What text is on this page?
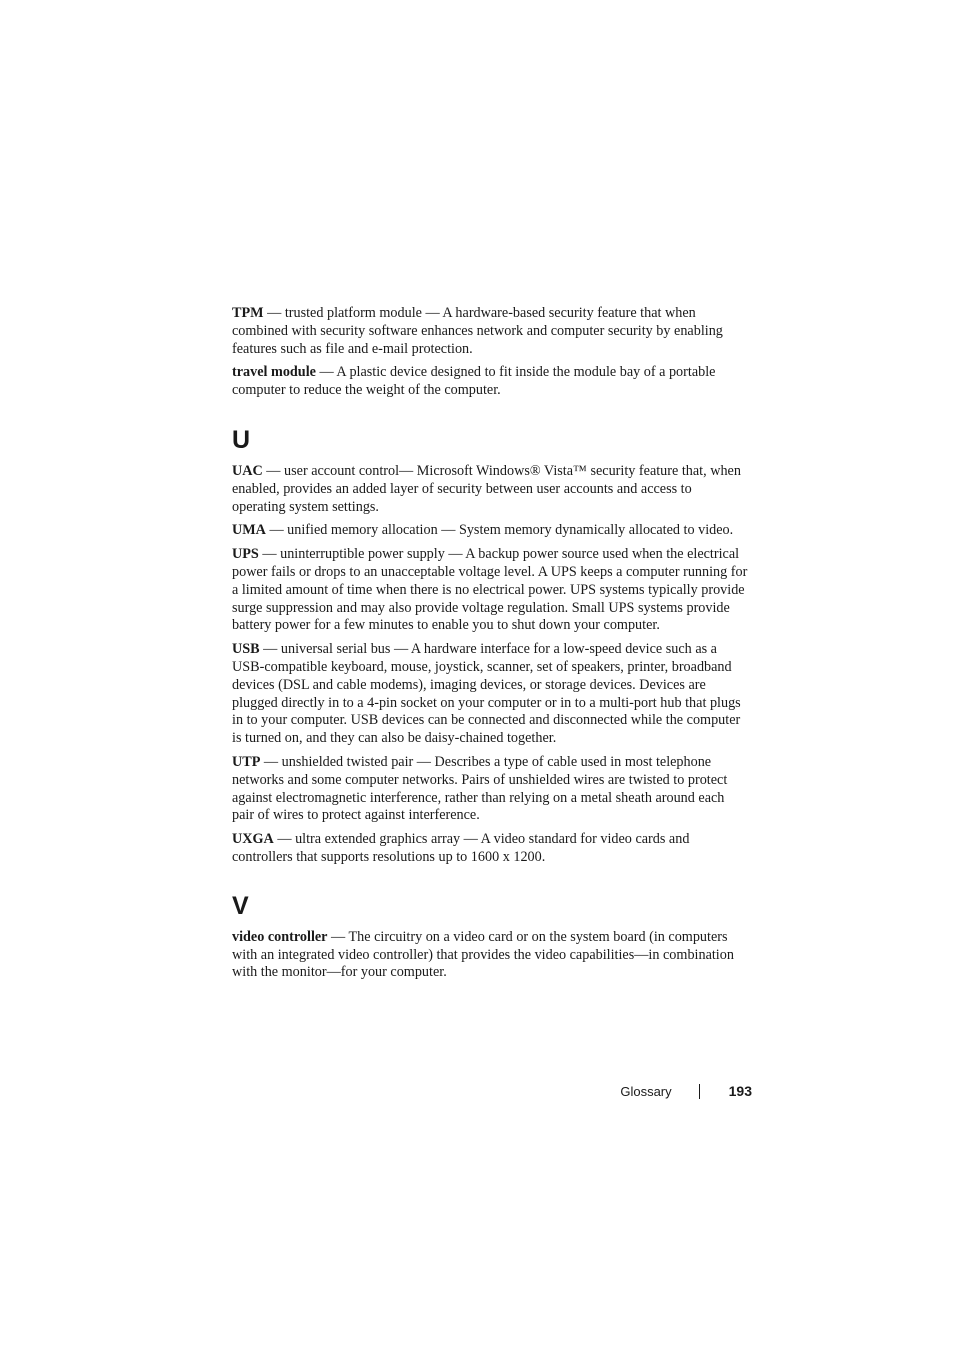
TPM — trusted platform module — A hardware-based security feature that when combined with security software enhances network and computer security by enabling features such as file and e-mail protection.

travel module — A plastic device designed to fit inside the module bay of a portable computer to reduce the weight of the computer.

U

UAC — user account control— Microsoft Windows® Vista™ security feature that, when enabled, provides an added layer of security between user accounts and access to operating system settings.

UMA — unified memory allocation — System memory dynamically allocated to video.

UPS — uninterruptible power supply — A backup power source used when the electrical power fails or drops to an unacceptable voltage level. A UPS keeps a computer running for a limited amount of time when there is no electrical power. UPS systems typically provide surge suppression and may also provide voltage regulation. Small UPS systems provide battery power for a few minutes to enable you to shut down your computer.

USB — universal serial bus — A hardware interface for a low-speed device such as a USB-compatible keyboard, mouse, joystick, scanner, set of speakers, printer, broadband devices (DSL and cable modems), imaging devices, or storage devices. Devices are plugged directly in to a 4-pin socket on your computer or in to a multi-port hub that plugs in to your computer. USB devices can be connected and disconnected while the computer is turned on, and they can also be daisy-chained together.

UTP — unshielded twisted pair — Describes a type of cable used in most telephone networks and some computer networks. Pairs of unshielded wires are twisted to protect against electromagnetic interference, rather than relying on a metal sheath around each pair of wires to protect against interference.

UXGA — ultra extended graphics array — A video standard for video cards and controllers that supports resolutions up to 1600 x 1200.

V

video controller — The circuitry on a video card or on the system board (in computers with an integrated video controller) that provides the video capabilities—in combination with the monitor—for your computer.

Glossary	193
